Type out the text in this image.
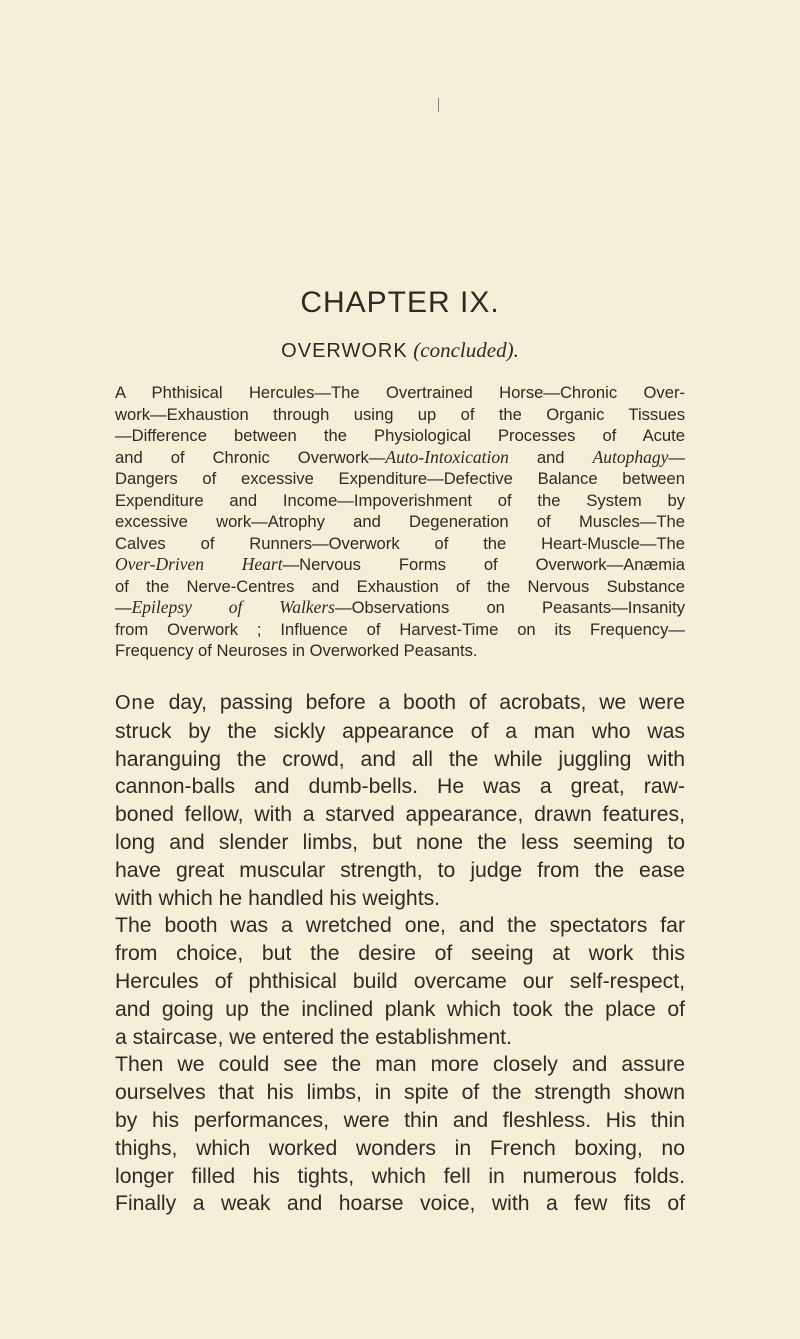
CHAPTER IX.
OVERWORK (concluded).
A Phthisical Hercules—The Overtrained Horse—Chronic Over-
work—Exhaustion through using up of the Organic Tissues
—Difference between the Physiological Processes of Acute
and of Chronic Overwork—Auto-Intoxication and Autophagy—
Dangers of excessive Expenditure—Defective Balance between
Expenditure and Income—Impoverishment of the System by
excessive work—Atrophy and Degeneration of Muscles—The
Calves of Runners—Overwork of the Heart-Muscle—The
Over-Driven Heart—Nervous Forms of Overwork—Anæmia
of the Nerve-Centres and Exhaustion of the Nervous Substance
—Epilepsy of Walkers—Observations on Peasants—Insanity
from Overwork ; Influence of Harvest-Time on its Frequency—
Frequency of Neuroses in Overworked Peasants.
One day, passing before a booth of acrobats, we were
struck by the sickly appearance of a man who was
haranguing the crowd, and all the while juggling with
cannon-balls and dumb-bells. He was a great, raw-
boned fellow, with a starved appearance, drawn features,
long and slender limbs, but none the less seeming to
have great muscular strength, to judge from the ease
with which he handled his weights.
The booth was a wretched one, and the spectators far
from choice, but the desire of seeing at work this
Hercules of phthisical build overcame our self-respect,
and going up the inclined plank which took the place of
a staircase, we entered the establishment.
Then we could see the man more closely and assure
ourselves that his limbs, in spite of the strength shown
by his performances, were thin and fleshless. His thin
thighs, which worked wonders in French boxing, no
longer filled his tights, which fell in numerous folds.
Finally a weak and hoarse voice, with a few fits of
